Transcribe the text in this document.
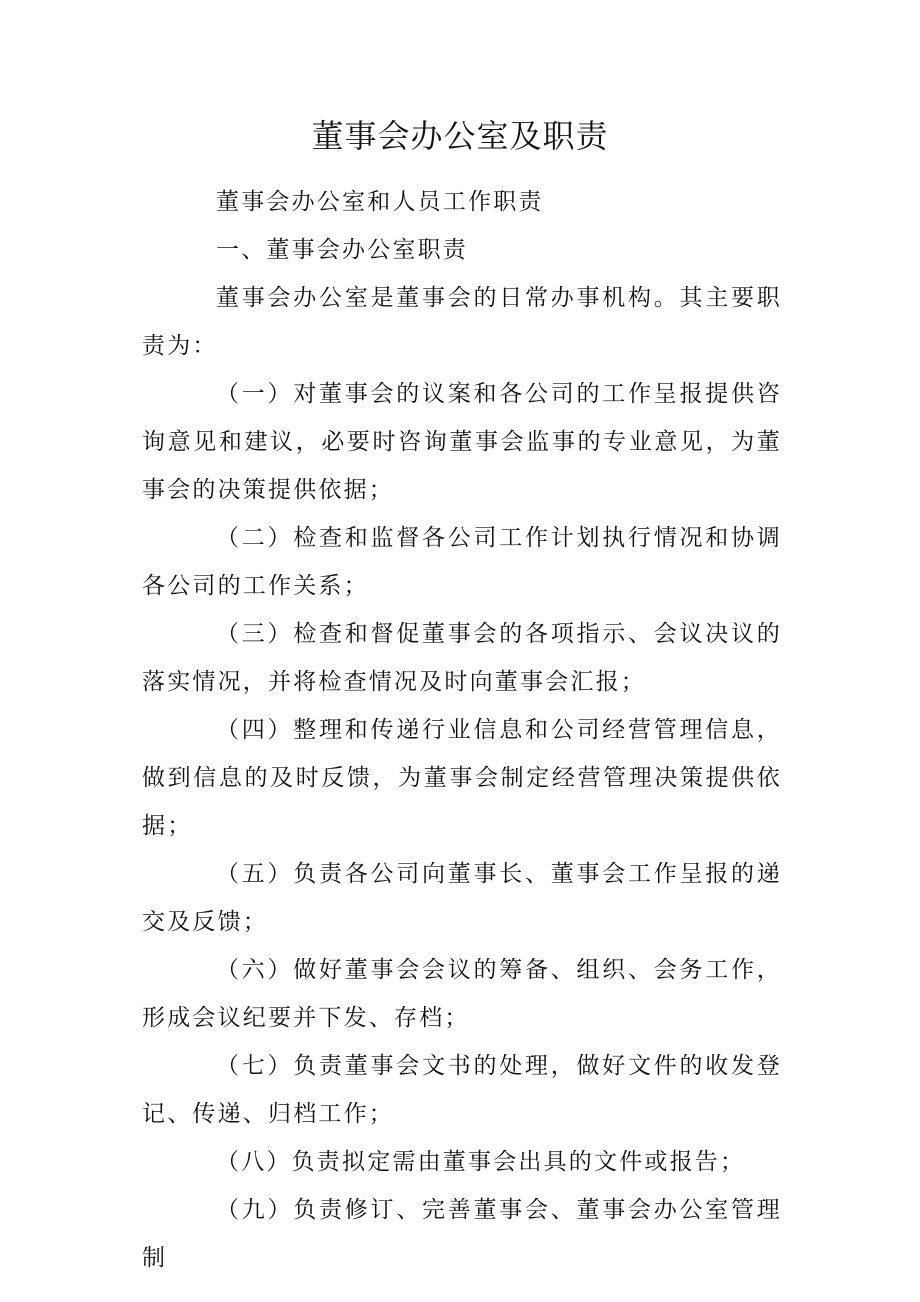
董事会办公室及职责

董事会办公室和人员工作职责

一、董事会办公室职责

董事会办公室是董事会的日常办事机构。其主要职责为：

（一）对董事会的议案和各公司的工作呈报提供咨询意见和建议，必要时咨询董事会监事的专业意见，为董事会的决策提供依据；

（二）检查和监督各公司工作计划执行情况和协调各公司的工作关系；

（三）检查和督促董事会的各项指示、会议决议的落实情况，并将检查情况及时向董事会汇报；

（四）整理和传递行业信息和公司经营管理信息，做到信息的及时反馈，为董事会制定经营管理决策提供依据；

（五）负责各公司向董事长、董事会工作呈报的递交及反馈；

（六）做好董事会会议的筹备、组织、会务工作，形成会议纪要并下发、存档；

（七）负责董事会文书的处理，做好文件的收发登记、传递、归档工作；

（八）负责拟定需由董事会出具的文件或报告；

（九）负责修订、完善董事会、董事会办公室管理制
